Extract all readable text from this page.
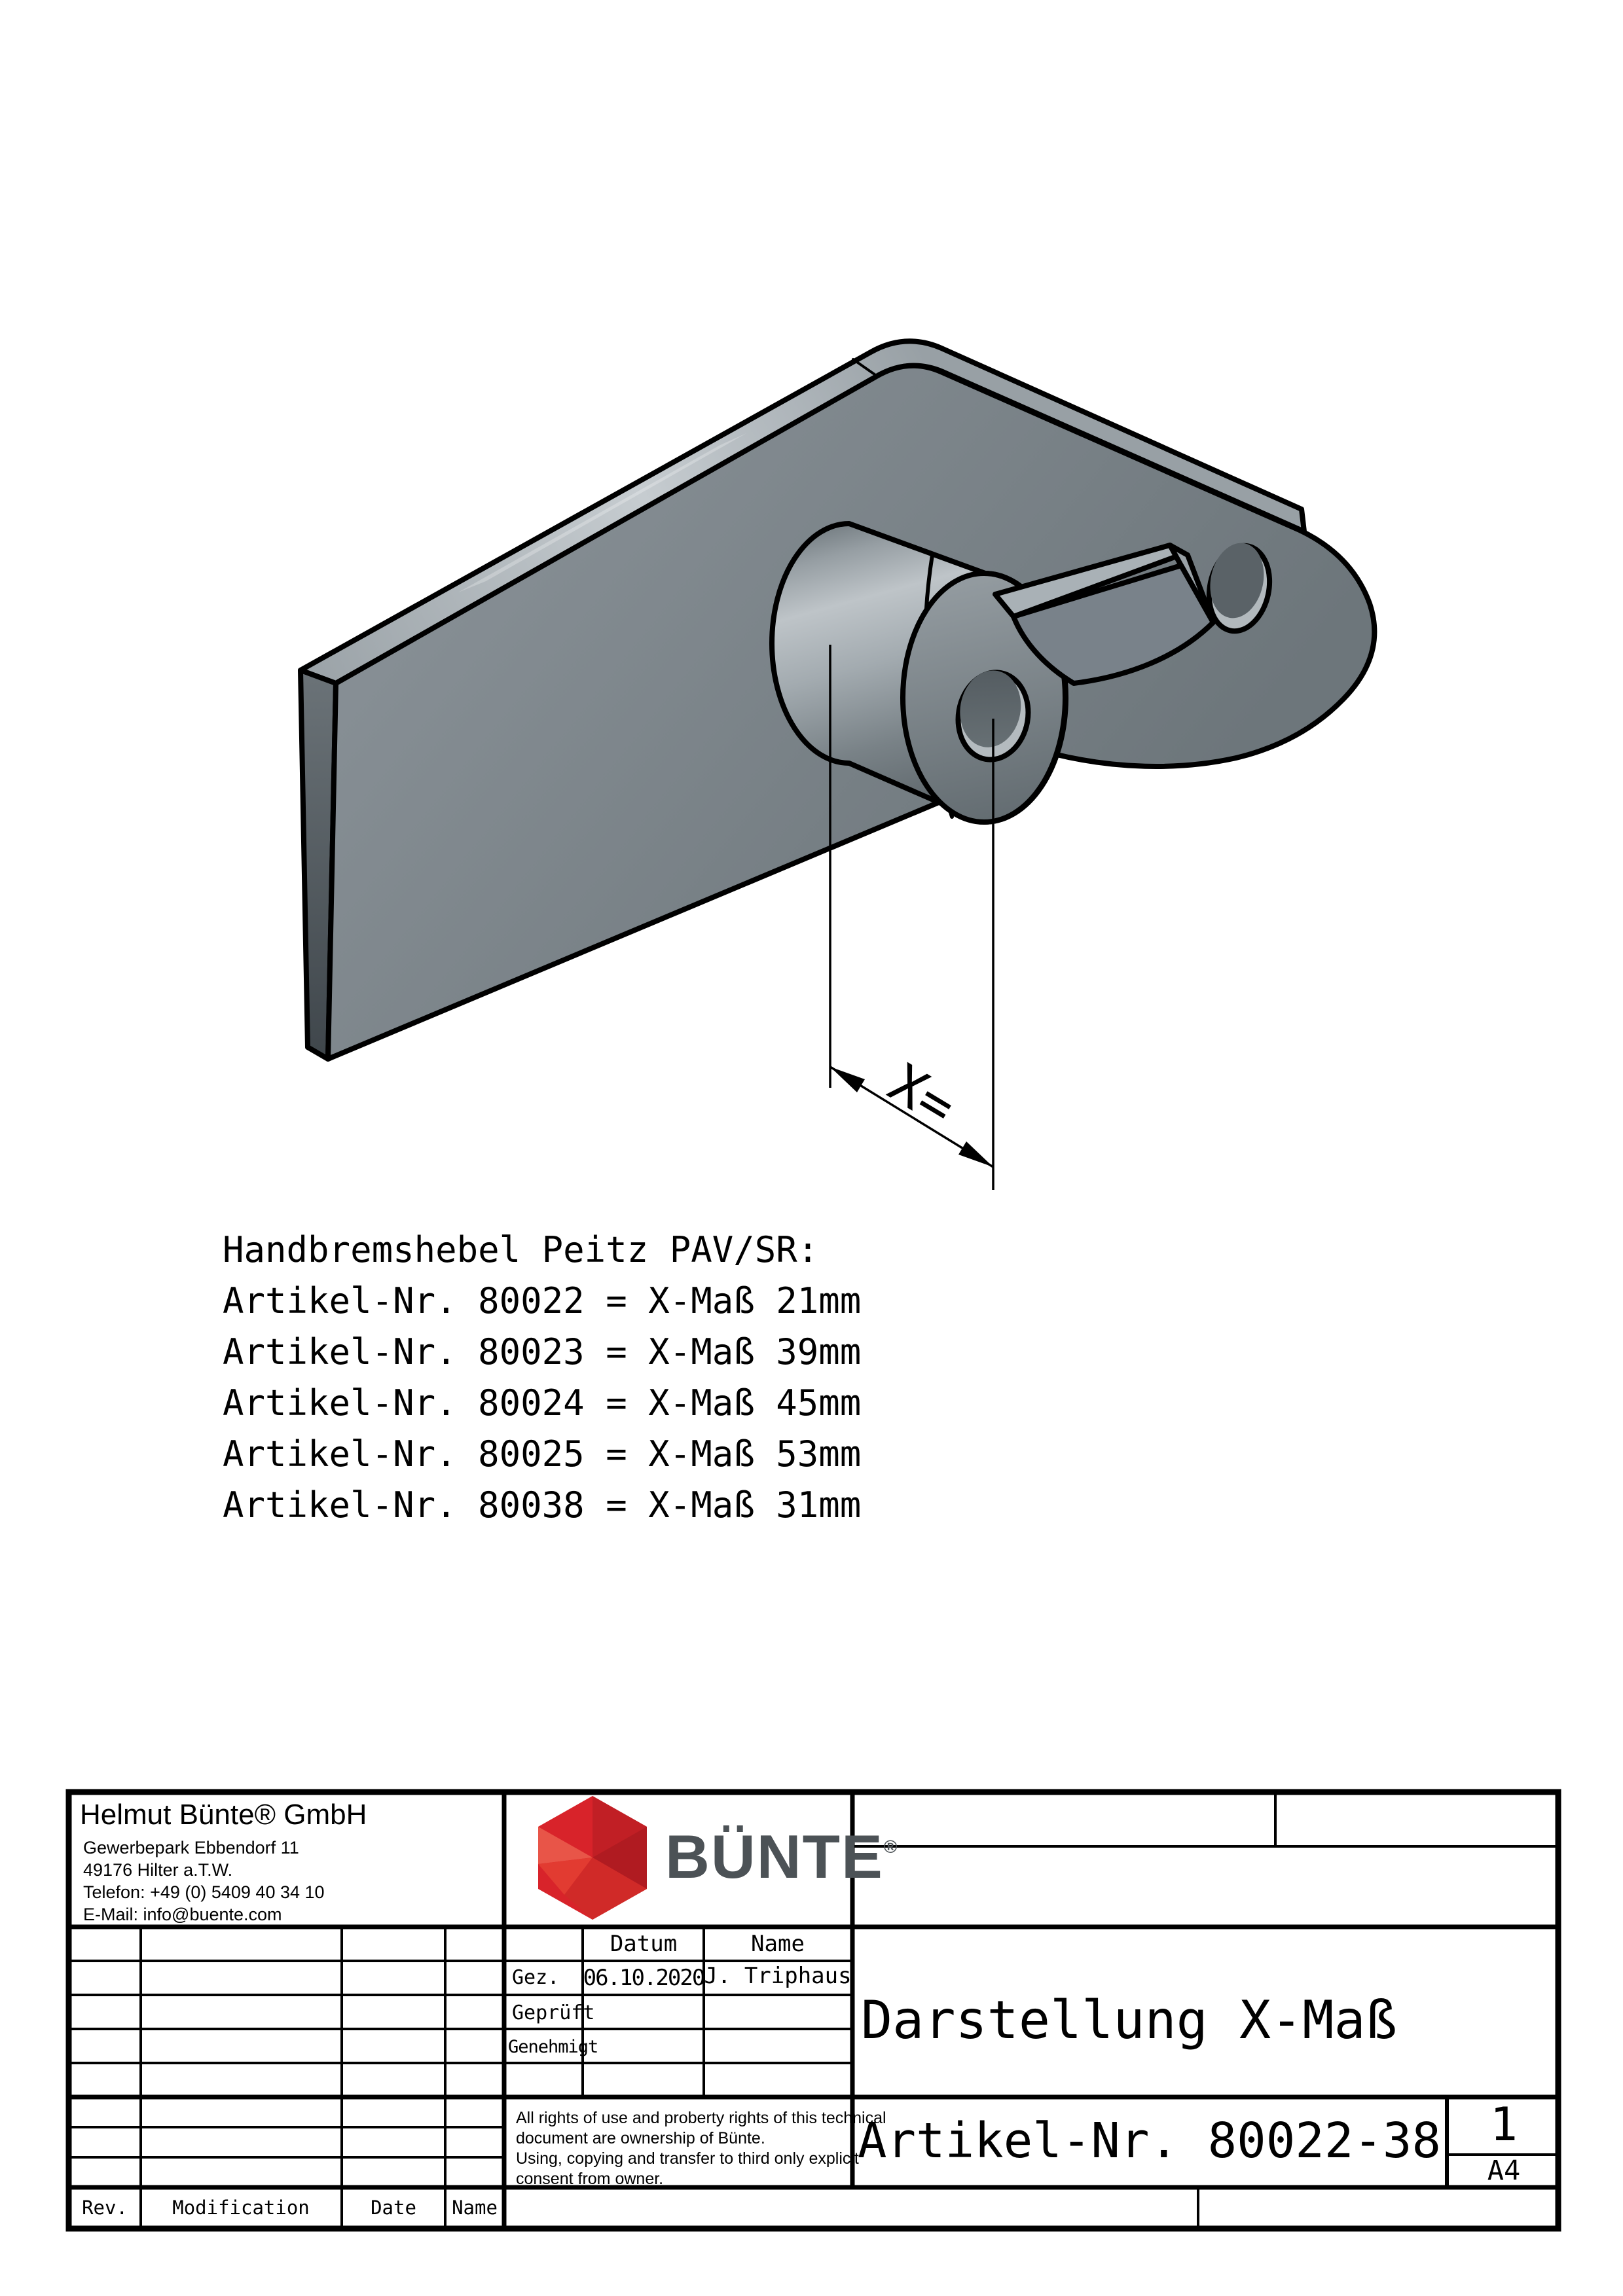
X=
Handbremshebel Peitz PAV/SR:
Artikel-Nr. 80022 = X-Maß 21mm
Artikel-Nr. 80023 = X-Maß 39mm
Artikel-Nr. 80024 = X-Maß 45mm
Artikel-Nr. 80025 = X-Maß 53mm
Artikel-Nr. 80038 = X-Maß 31mm
Helmut Bünte® GmbH
Gewerbepark Ebbendorf 11
49176 Hilter a.T.W.
Telefon: +49 (0) 5409 40 34 10
E-Mail: info@buente.com
BÜNTE®
Datum	Name
Gez. 06.10.2020 J. Triphaus
Geprüft
Genehmigt
All rights of use and proberty rights of this technical
document are ownership of Bünte.
Using, copying and transfer to third only explicit
consent from owner.
Darstellung X-Maß
Artikel-Nr. 80022-38 1
A4
Rev. Modification	Date Name
